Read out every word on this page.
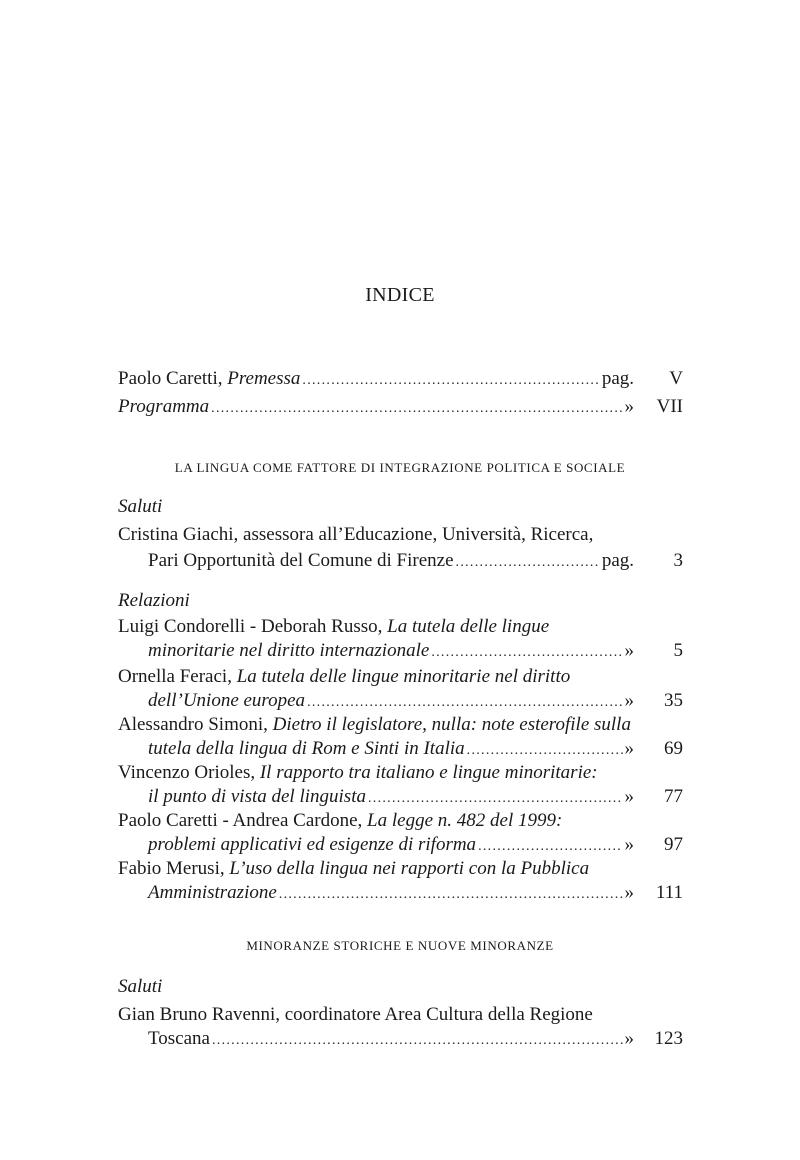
INDICE
Paolo Caretti, Premessa .....	pag. V
Programma .....	» VII
LA LINGUA COME FATTORE DI INTEGRAZIONE POLITICA E SOCIALE
Saluti
Cristina Giachi, assessora all’Educazione, Università, Ricerca,
Pari Opportunità del Comune di Firenze .....	pag. 3
Relazioni
Luigi Condorelli - Deborah Russo, La tutela delle lingue
minoritarie nel diritto internazionale .....	» 5
Ornella Feraci, La tutela delle lingue minoritarie nel diritto
dell’Unione europea .....	» 35
Alessandro Simoni, Dietro il legislatore, nulla: note esterofile sulla
tutela della lingua di Rom e Sinti in Italia .....	» 69
Vincenzo Orioles, Il rapporto tra italiano e lingue minoritarie:
il punto di vista del linguista .....	» 77
Paolo Caretti - Andrea Cardone, La legge n. 482 del 1999:
problemi applicativi ed esigenze di riforma .....	» 97
Fabio Merusi, L’uso della lingua nei rapporti con la Pubblica
Amministrazione .....	» 111
MINORANZE STORICHE E NUOVE MINORANZE
Saluti
Gian Bruno Ravenni, coordinatore Area Cultura della Regione
Toscana .....	» 123
